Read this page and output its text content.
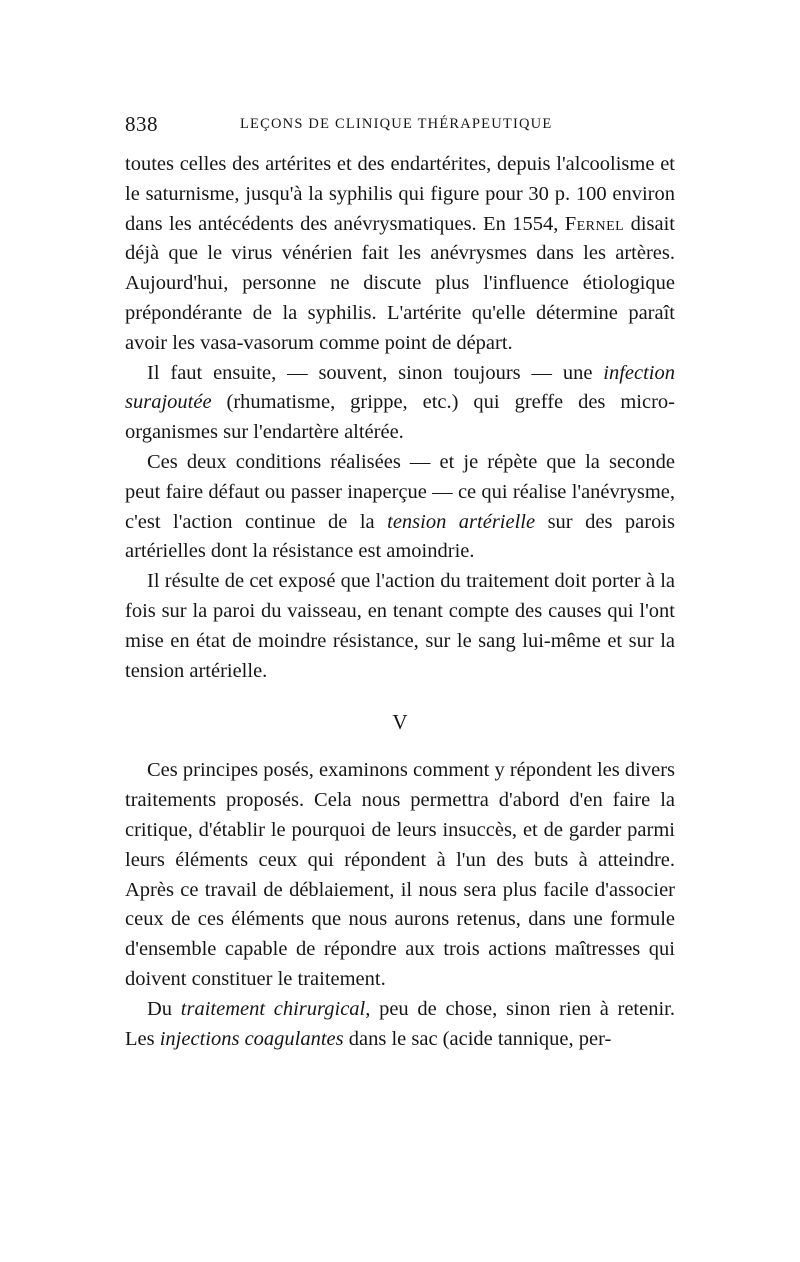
838	LEÇONS DE CLINIQUE THÉRAPEUTIQUE

toutes celles des artérites et des endartérites, depuis l'alcoolisme et le saturnisme, jusqu'à la syphilis qui figure pour 30 p. 100 environ dans les antécédents des anévrysmatiques. En 1554, Fernel disait déjà que le virus vénérien fait les anévrysmes dans les artères. Aujourd'hui, personne ne discute plus l'influence étiologique prépondérante de la syphilis. L'artérite qu'elle détermine paraît avoir les vasa-vasorum comme point de départ.

Il faut ensuite, — souvent, sinon toujours — une infection surajoutée (rhumatisme, grippe, etc.) qui greffe des micro-organismes sur l'endartère altérée.

Ces deux conditions réalisées — et je répète que la seconde peut faire défaut ou passer inaperçue — ce qui réalise l'anévrysme, c'est l'action continue de la tension artérielle sur des parois artérielles dont la résistance est amoindrie.

Il résulte de cet exposé que l'action du traitement doit porter à la fois sur la paroi du vaisseau, en tenant compte des causes qui l'ont mise en état de moindre résistance, sur le sang lui-même et sur la tension artérielle.

V

Ces principes posés, examinons comment y répondent les divers traitements proposés. Cela nous permettra d'abord d'en faire la critique, d'établir le pourquoi de leurs insuccès, et de garder parmi leurs éléments ceux qui répondent à l'un des buts à atteindre. Après ce travail de déblaiement, il nous sera plus facile d'associer ceux de ces éléments que nous aurons retenus, dans une formule d'ensemble capable de répondre aux trois actions maîtresses qui doivent constituer le traitement.

Du traitement chirurgical, peu de chose, sinon rien à retenir. Les injections coagulantes dans le sac (acide tannique, per-
